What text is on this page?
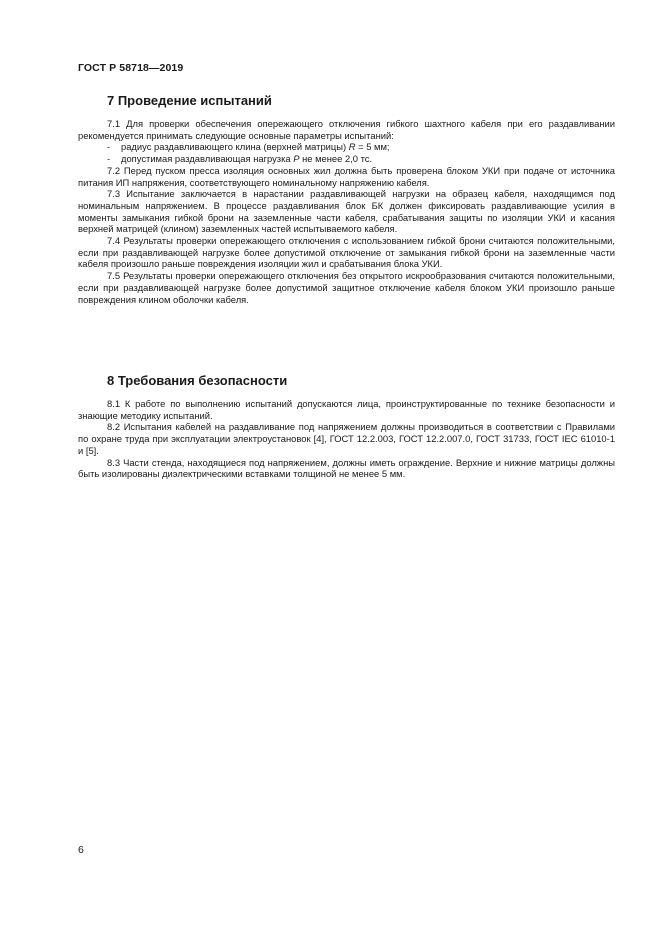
ГОСТ Р 58718—2019
7 Проведение испытаний

7.1 Для проверки обеспечения опережающего отключения гибкого шахтного кабеля при его раздавливании рекомендуется принимать следующие основные параметры испытаний:

-	радиус раздавливающего клина (верхней матрицы) R = 5 мм;
-	допустимая раздавливающая нагрузка Р не менее 2,0 тс.

7.2 Перед пуском пресса изоляция основных жил должна быть проверена блоком УКИ при подаче от источника питания ИП напряжения, соответствующего номинальному напряжению кабеля.

7.3 Испытание заключается в нарастании раздавливающей нагрузки на образец кабеля, находящимся под номинальным напряжением. В процессе раздавливания блок БК должен фиксировать раздавливающие усилия в моменты замыкания гибкой брони на заземленные части кабеля, срабатывания защиты по изоляции УКИ и касания верхней матрицей (клином) заземленных частей испытываемого кабеля.

7.4 Результаты проверки опережающего отключения с использованием гибкой брони считаются положительными, если при раздавливающей нагрузке более допустимой отключение от замыкания гибкой брони на заземленные части кабеля произошло раньше повреждения изоляции жил и срабатывания блока УКИ.

7.5 Результаты проверки опережающего отключения без открытого искрообразования считаются положительными, если при раздавливающей нагрузке более допустимой защитное отключение кабеля блоком УКИ произошло раньше повреждения клином оболочки кабеля.

8 Требования безопасности

8.1 К работе по выполнению испытаний допускаются лица, проинструктированные по технике безопасности и знающие методику испытаний.

8.2 Испытания кабелей на раздавливание под напряжением должны производиться в соответствии с Правилами по охране труда при эксплуатации электроустановок [4], ГОСТ 12.2.003, ГОСТ 12.2.007.0, ГОСТ 31733, ГОСТ IEC 61010-1 и [5].

8.3 Части стенда, находящиеся под напряжением, должны иметь ограждение. Верхние и нижние матрицы должны быть изолированы диэлектрическими вставками толщиной не менее 5 мм.

6
